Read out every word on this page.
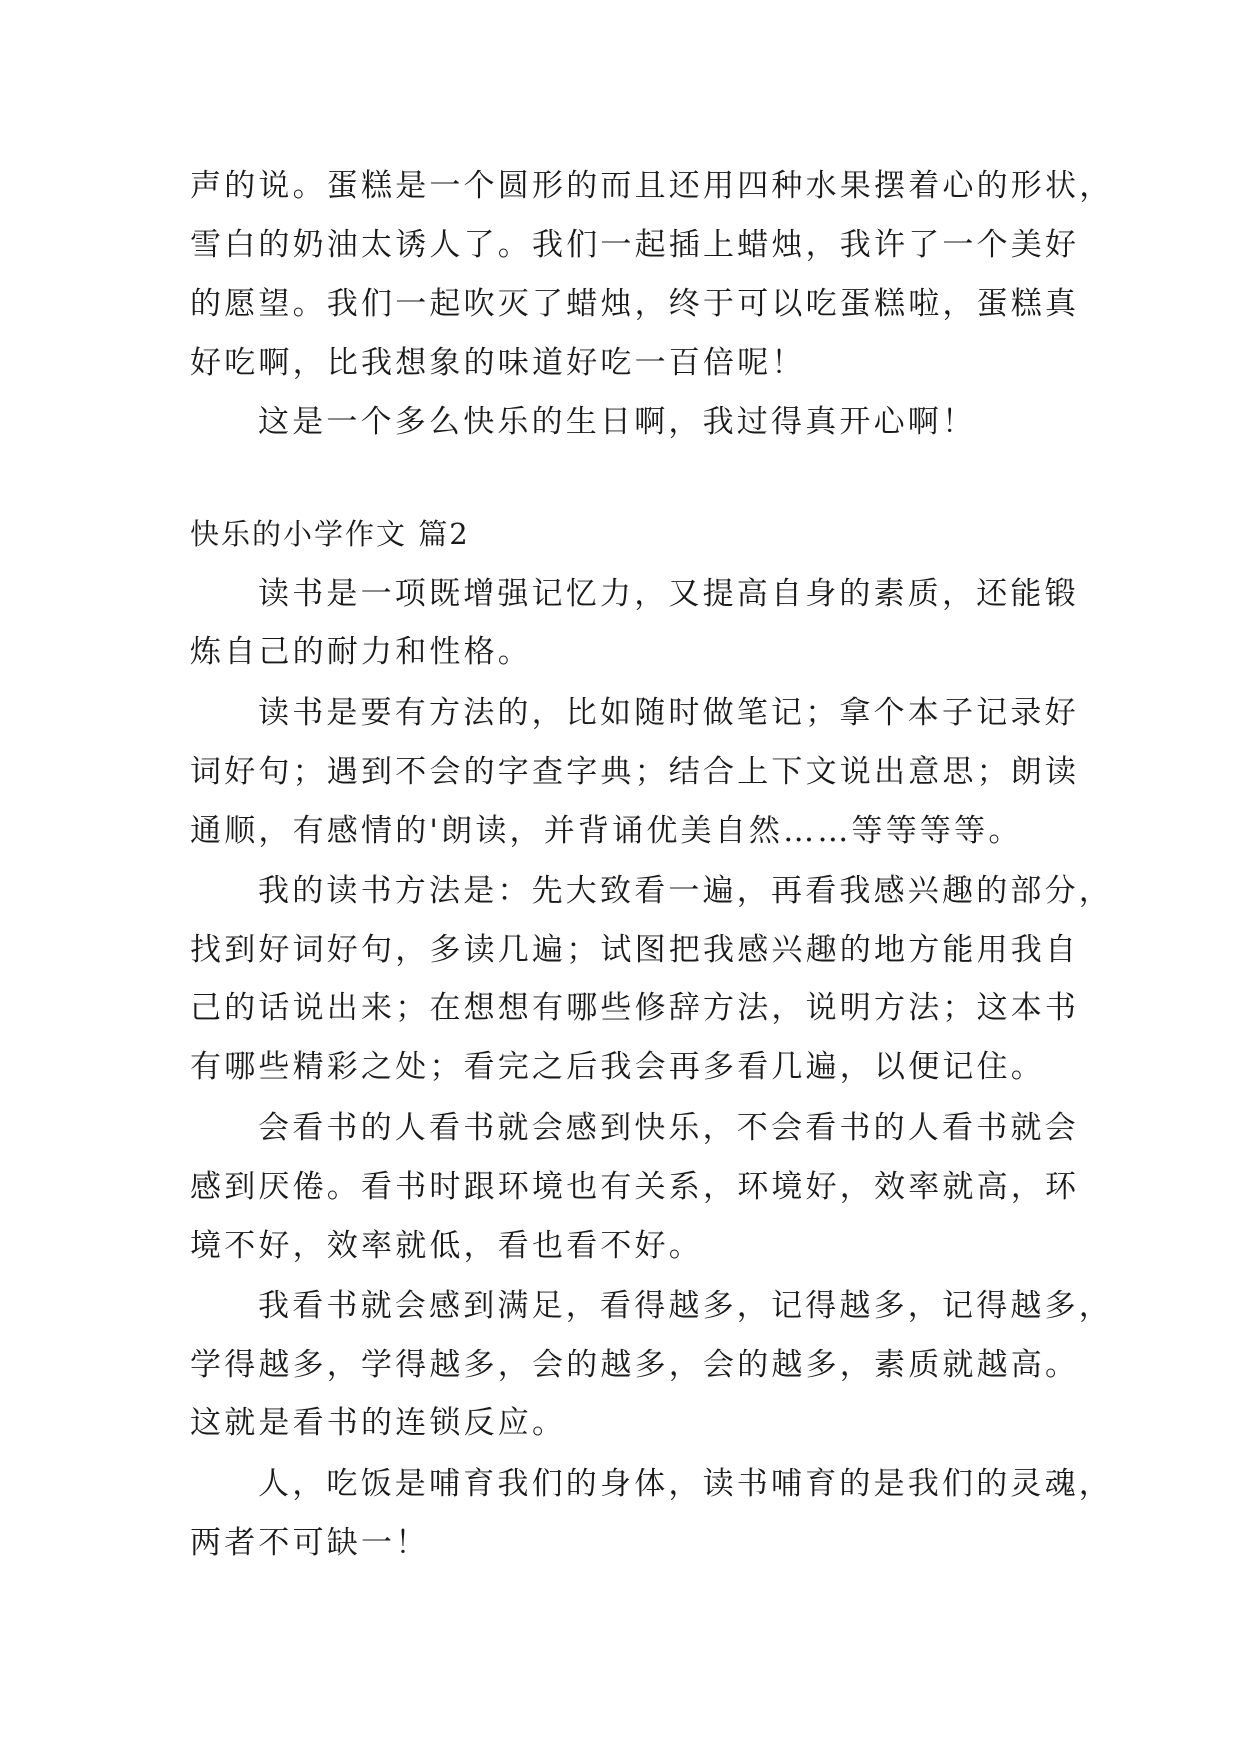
声的说。蛋糕是一个圆形的而且还用四种水果摆着心的形状，
雪白的奶油太诱人了。我们一起插上蜡烛，我许了一个美好
的愿望。我们一起吹灭了蜡烛，终于可以吃蛋糕啦，蛋糕真
好吃啊，比我想象的味道好吃一百倍呢！
这是一个多么快乐的生日啊，我过得真开心啊！
快乐的小学作文 篇2
读书是一项既增强记忆力，又提高自身的素质，还能锻
炼自己的耐力和性格。
读书是要有方法的，比如随时做笔记；拿个本子记录好
词好句；遇到不会的字查字典；结合上下文说出意思；朗读
通顺，有感情的'朗读，并背诵优美自然……等等等等。
我的读书方法是：先大致看一遍，再看我感兴趣的部分，
找到好词好句，多读几遍；试图把我感兴趣的地方能用我自
己的话说出来；在想想有哪些修辞方法，说明方法；这本书
有哪些精彩之处；看完之后我会再多看几遍，以便记住。
会看书的人看书就会感到快乐，不会看书的人看书就会
感到厌倦。看书时跟环境也有关系，环境好，效率就高，环
境不好，效率就低，看也看不好。
我看书就会感到满足，看得越多，记得越多，记得越多，
学得越多，学得越多，会的越多，会的越多，素质就越高。
这就是看书的连锁反应。
人，吃饭是哺育我们的身体，读书哺育的是我们的灵魂，
两者不可缺一！
